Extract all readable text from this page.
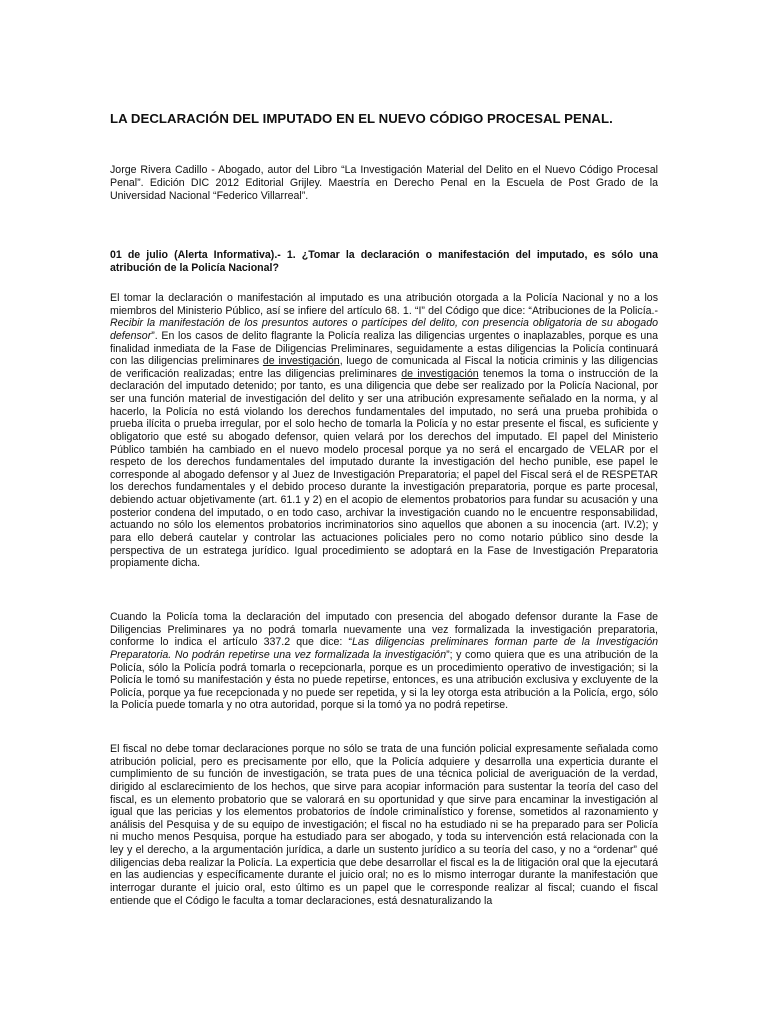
LA DECLARACIÓN DEL IMPUTADO EN EL NUEVO CÓDIGO PROCESAL PENAL.

Jorge Rivera Cadillo - Abogado, autor del Libro “La Investigación Material del Delito en el Nuevo Código Procesal Penal”. Edición DIC 2012 Editorial Grijley. Maestría en Derecho Penal en la Escuela de Post Grado de la Universidad Nacional “Federico Villarreal”.

01 de julio (Alerta Informativa).- 1. ¿Tomar la declaración o manifestación del imputado, es sólo una atribución de la Policía Nacional?

El tomar la declaración o manifestación al imputado es una atribución otorgada a la Policía Nacional y no a los miembros del Ministerio Público, así se infiere del artículo 68. 1. “I” del Código que dice: “Atribuciones de la Policía.- Recibir la manifestación de los presuntos autores o partícipes del delito, con presencia obligatoria de su abogado defensor”. En los casos de delito flagrante la Policía realiza las diligencias urgentes o inaplazables, porque es una finalidad inmediata de la Fase de Diligencias Preliminares, seguidamente a estas diligencias la Policía continuará con las diligencias preliminares de investigación, luego de comunicada al Fiscal la noticia criminis y las diligencias de verificación realizadas; entre las diligencias preliminares de investigación tenemos la toma o instrucción de la declaración del imputado detenido; por tanto, es una diligencia que debe ser realizado por la Policía Nacional, por ser una función material de investigación del delito y ser una atribución expresamente señalado en la norma, y al hacerlo, la Policía no está violando los derechos fundamentales del imputado, no será una prueba prohibida o prueba ilícita o prueba irregular, por el solo hecho de tomarla la Policía y no estar presente el fiscal, es suficiente y obligatorio que esté su abogado defensor, quien velará por los derechos del imputado. El papel del Ministerio Público también ha cambiado en el nuevo modelo procesal porque ya no será el encargado de VELAR por el respeto de los derechos fundamentales del imputado durante la investigación del hecho punible, ese papel le corresponde al abogado defensor y al Juez de Investigación Preparatoria; el papel del Fiscal será el de RESPETAR los derechos fundamentales y el debido proceso durante la investigación preparatoria, porque es parte procesal, debiendo actuar objetivamente (art. 61.1 y 2) en el acopio de elementos probatorios para fundar su acusación y una posterior condena del imputado, o en todo caso, archivar la investigación cuando no le encuentre responsabilidad, actuando no sólo los elementos probatorios incriminatorios sino aquellos que abonen a su inocencia (art. IV.2); y para ello deberá cautelar y controlar las actuaciones policiales pero no como notario público sino desde la perspectiva de un estratega jurídico. Igual procedimiento se adoptará en la Fase de Investigación Preparatoria propiamente dicha.

Cuando la Policía toma la declaración del imputado con presencia del abogado defensor durante la Fase de Diligencias Preliminares ya no podrá tomarla nuevamente una vez formalizada la investigación preparatoria, conforme lo indica el artículo 337.2 que dice: “Las diligencias preliminares forman parte de la Investigación Preparatoria. No podrán repetirse una vez formalizada la investigación”; y como quiera que es una atribución de la Policía, sólo la Policía podrá tomarla o recepcionarla, porque es un procedimiento operativo de investigación; si la Policía le tomó su manifestación y ésta no puede repetirse, entonces, es una atribución exclusiva y excluyente de la Policía, porque ya fue recepcionada y no puede ser repetida, y si la ley otorga esta atribución a la Policía, ergo, sólo la Policía puede tomarla y no otra autoridad, porque si la tomó ya no podrá repetirse.

El fiscal no debe tomar declaraciones porque no sólo se trata de una función policial expresamente señalada como atribución policial, pero es precisamente por ello, que la Policía adquiere y desarrolla una experticia durante el cumplimiento de su función de investigación, se trata pues de una técnica policial de averiguación de la verdad, dirigido al esclarecimiento de los hechos, que sirve para acopiar información para sustentar la teoría del caso del fiscal, es un elemento probatorio que se valorará en su oportunidad y que sirve para encaminar la investigación al igual que las pericias y los elementos probatorios de índole criminalístico y forense, sometidos al razonamiento y análisis del Pesquisa y de su equipo de investigación; el fiscal no ha estudiado ni se ha preparado para ser Policía ni mucho menos Pesquisa, porque ha estudiado para ser abogado, y toda su intervención está relacionada con la ley y el derecho, a la argumentación jurídica, a darle un sustento jurídico a su teoría del caso, y no a “ordenar” qué diligencias deba realizar la Policía. La experticia que debe desarrollar el fiscal es la de litigación oral que la ejecutará en las audiencias y específicamente durante el juicio oral; no es lo mismo interrogar durante la manifestación que interrogar durante el juicio oral, esto último es un papel que le corresponde realizar al fiscal; cuando el fiscal entiende que el Código le faculta a tomar declaraciones, está desnaturalizando la
